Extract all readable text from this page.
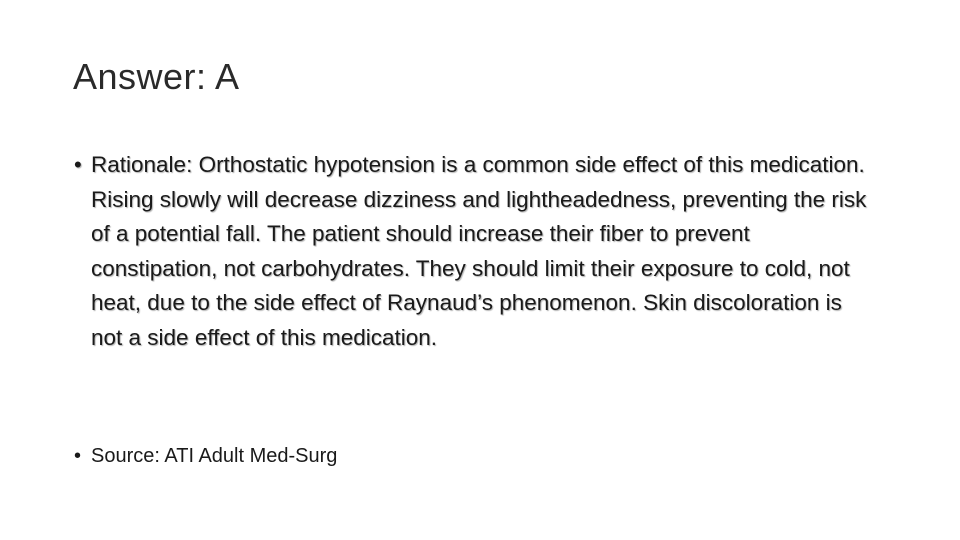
Answer: A
• Rationale: Orthostatic hypotension is a common side effect of this medication. Rising slowly will decrease dizziness and lightheadedness, preventing the risk of a potential fall. The patient should increase their fiber to prevent constipation, not carbohydrates. They should limit their exposure to cold, not heat, due to the side effect of Raynaud’s phenomenon. Skin discoloration is not a side effect of this medication.
• Source: ATI Adult Med-Surg
